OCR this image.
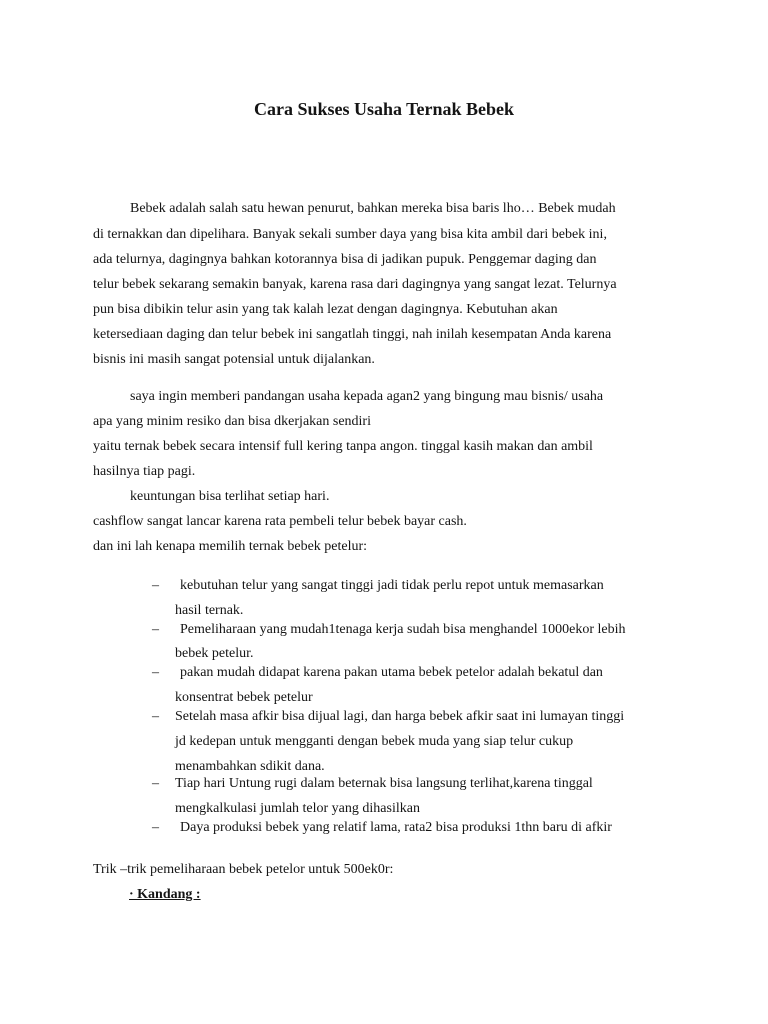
Cara Sukses Usaha Ternak Bebek
Bebek adalah salah satu hewan penurut, bahkan mereka bisa baris lho… Bebek mudah
di ternakkan dan dipelihara. Banyak sekali sumber daya yang bisa kita ambil dari bebek ini,
ada telurnya, dagingnya bahkan kotorannya bisa di jadikan pupuk. Penggemar daging dan
telur bebek sekarang semakin banyak, karena rasa dari dagingnya yang sangat lezat. Telurnya
pun bisa dibikin telur asin yang tak kalah lezat dengan dagingnya. Kebutuhan akan
ketersediaan daging dan telur bebek ini sangatlah tinggi, nah inilah kesempatan Anda karena
bisnis ini masih sangat potensial untuk dijalankan.
saya ingin memberi pandangan usaha kepada agan2 yang bingung mau bisnis/ usaha
apa yang minim resiko dan bisa dkerjakan sendiri
yaitu ternak bebek secara intensif full kering tanpa angon. tinggal kasih makan dan ambil
hasilnya tiap pagi.
keuntungan bisa terlihat setiap hari.
cashflow sangat lancar karena rata pembeli telur bebek bayar cash.
dan ini lah kenapa memilih ternak bebek petelur:
– kebutuhan telur yang sangat tinggi jadi tidak perlu repot untuk memasarkan
hasil ternak.
– Pemeliharaan yang mudah1tenaga kerja sudah bisa menghandel 1000ekor lebih
bebek petelur.
– pakan mudah didapat karena pakan utama bebek petelor adalah bekatul dan
konsentrat bebek petelur
– Setelah masa afkir bisa dijual lagi, dan harga bebek afkir saat ini lumayan tinggi
jd kedepan untuk mengganti dengan bebek muda yang siap telur cukup
menambahkan sdikit dana.
– Tiap hari Untung rugi dalam beternak bisa langsung terlihat,karena tinggal
mengkalkulasi jumlah telor yang dihasilkan
– Daya produksi bebek yang relatif lama, rata2 bisa produksi 1thn baru di afkir
Trik –trik pemeliharaan bebek petelor untuk 500ek0r:
· Kandang :
